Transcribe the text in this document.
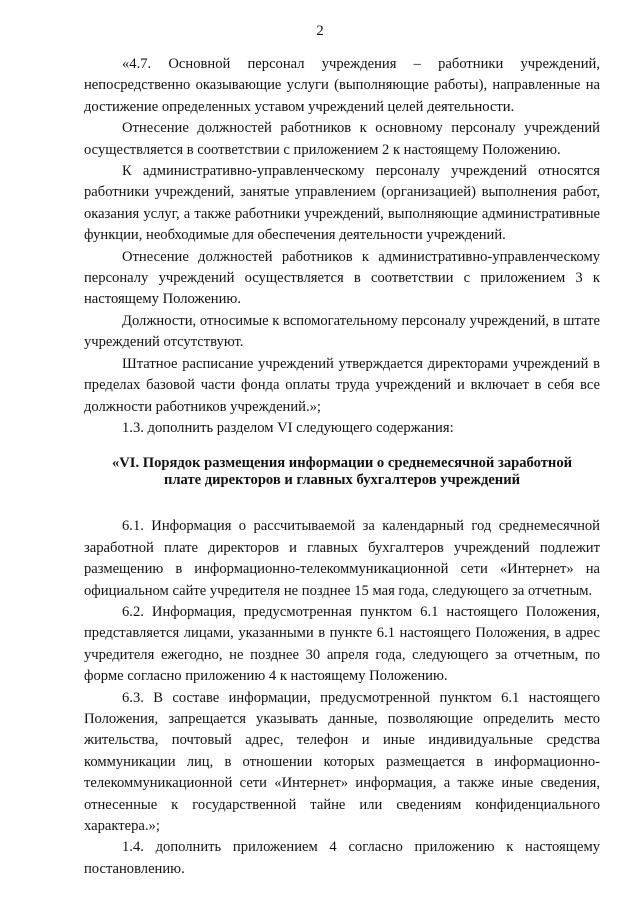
2

«4.7. Основной персонал учреждения – работники учреждений, непосредственно оказывающие услуги (выполняющие работы), направленные на достижение определенных уставом учреждений целей деятельности.

Отнесение должностей работников к основному персоналу учреждений осуществляется в соответствии с приложением 2 к настоящему Положению.

К административно-управленческому персоналу учреждений относятся работники учреждений, занятые управлением (организацией) выполнения работ, оказания услуг, а также работники учреждений, выполняющие административные функции, необходимые для обеспечения деятельности учреждений.

Отнесение должностей работников к административно-управленческому персоналу учреждений осуществляется в соответствии с приложением 3 к настоящему Положению.

Должности, относимые к вспомогательному персоналу учреждений, в штате учреждений отсутствуют.

Штатное расписание учреждений утверждается директорами учреждений в пределах базовой части фонда оплаты труда учреждений и включает в себя все должности работников учреждений.»;

1.3. дополнить разделом VI следующего содержания:

«VI. Порядок размещения информации о среднемесячной заработной плате директоров и главных бухгалтеров учреждений

6.1. Информация о рассчитываемой за календарный год среднемесячной заработной плате директоров и главных бухгалтеров учреждений подлежит размещению в информационно-телекоммуникационной сети «Интернет» на официальном сайте учредителя не позднее 15 мая года, следующего за отчетным.

6.2. Информация, предусмотренная пунктом 6.1 настоящего Положения, представляется лицами, указанными в пункте 6.1 настоящего Положения, в адрес учредителя ежегодно, не позднее 30 апреля года, следующего за отчетным, по форме согласно приложению 4 к настоящему Положению.

6.3. В составе информации, предусмотренной пунктом 6.1 настоящего Положения, запрещается указывать данные, позволяющие определить место жительства, почтовый адрес, телефон и иные индивидуальные средства коммуникации лиц, в отношении которых размещается в информационно-телекоммуникационной сети «Интернет» информация, а также иные сведения, отнесенные к государственной тайне или сведениям конфиденциального характера.»;

1.4. дополнить приложением 4 согласно приложению к настоящему постановлению.
